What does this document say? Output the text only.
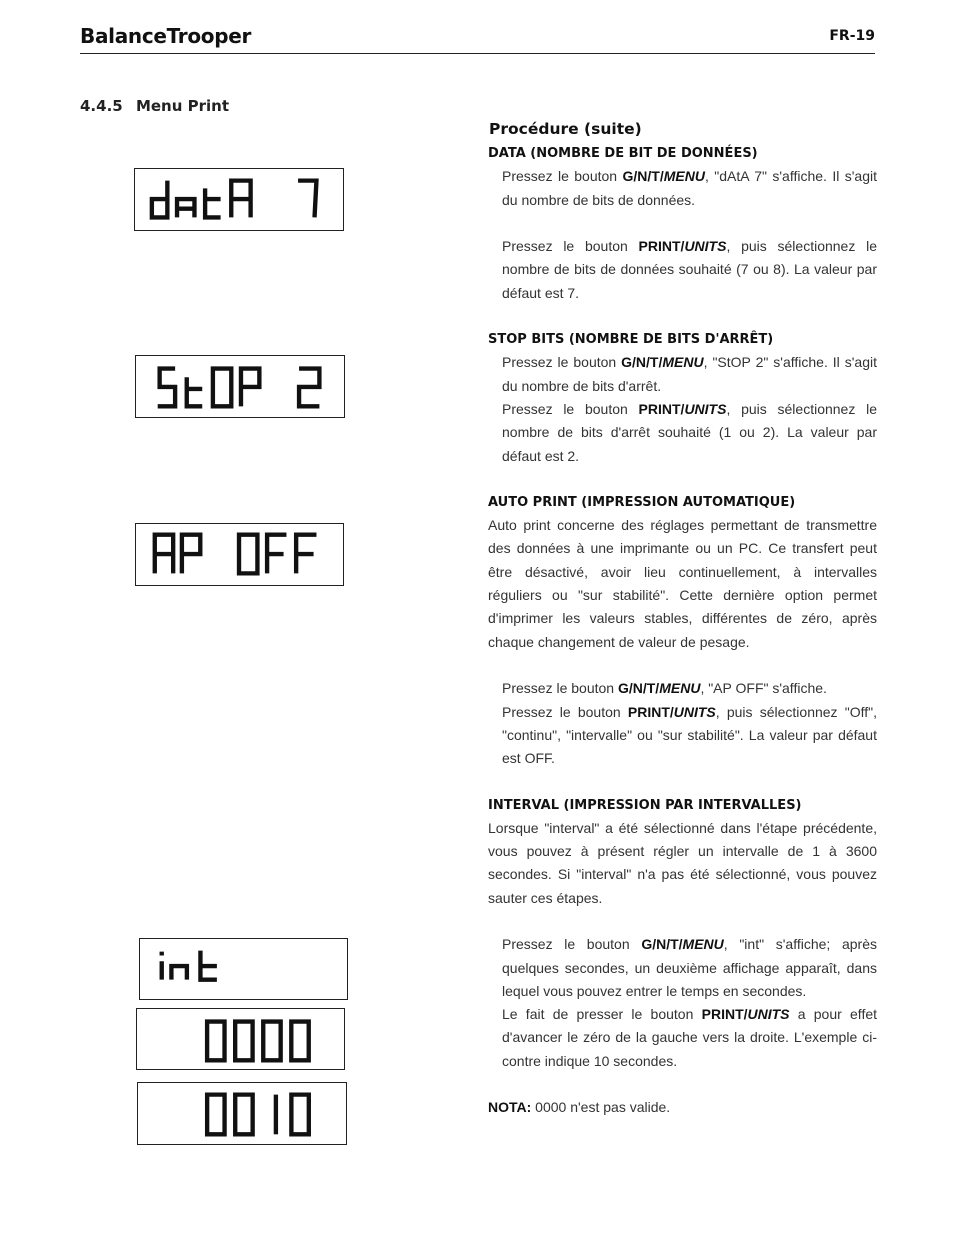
BalanceTrooper	FR-19
4.4.5 Menu Print
Procédure (suite)
DATA (NOMBRE DE BIT DE DONNÉES)

Pressez le bouton G/N/T/MENU, "dAtA 7" s'affiche. Il s'agit du nombre de bits de données.

Pressez le bouton PRINT/UNITS, puis sélectionnez le nombre de bits de données souhaité (7 ou 8). La valeur par défaut est 7.

STOP BITS (NOMBRE DE BITS D'ARRÊT)

Pressez le bouton G/N/T/MENU, "StOP 2" s'affiche. Il s'agit du nombre de bits d'arrêt.

Pressez le bouton PRINT/UNITS, puis sélectionnez le nombre de bits d'arrêt souhaité (1 ou 2). La valeur par défaut est 2.

AUTO PRINT (IMPRESSION AUTOMATIQUE)

Auto print concerne des réglages permettant de transmettre des données à une imprimante ou un PC. Ce transfert peut être désactivé, avoir lieu continuellement, à intervalles réguliers ou "sur stabilité". Cette dernière option permet d'imprimer les valeurs stables, différentes de zéro, après chaque changement de valeur de pesage.

Pressez le bouton G/N/T/MENU, "AP OFF" s'affiche.

Pressez le bouton PRINT/UNITS, puis sélectionnez "Off", "continu", "intervalle" ou "sur stabilité". La valeur par défaut est OFF.

INTERVAL (IMPRESSION PAR INTERVALLES)

Lorsque "interval" a été sélectionné dans l'étape précédente, vous pouvez à présent régler un intervalle de 1 à 3600 secondes. Si "interval" n'a pas été sélectionné, vous pouvez sauter ces étapes.

Pressez le bouton G/N/T/MENU, "int" s'affiche; après quelques secondes, un deuxième affichage apparaît, dans lequel vous pouvez entrer le temps en secondes.

Le fait de presser le bouton PRINT/UNITS a pour effet d'avancer le zéro de la gauche vers la droite. L'exemple ci-contre indique 10 secondes.

NOTA: 0000 n'est pas valide.
